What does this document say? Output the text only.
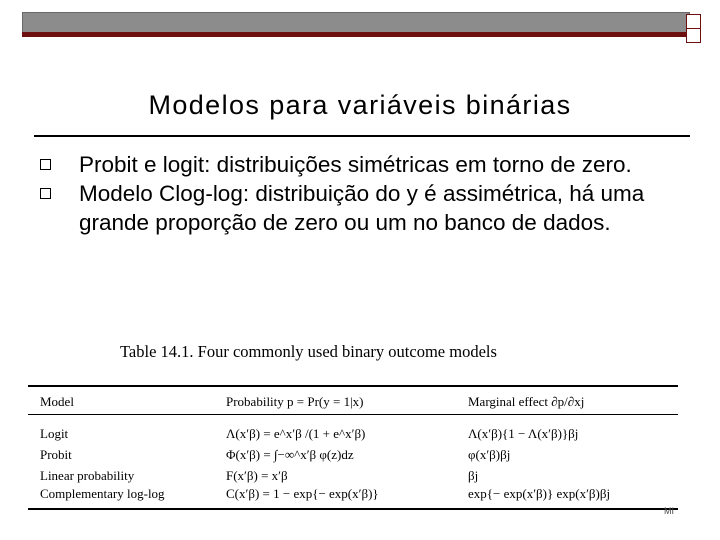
Modelos para variáveis binárias
Probit e logit: distribuições simétricas em torno de zero.
Modelo Clog-log: distribuição do y é assimétrica, há uma grande proporção de zero ou um no banco de dados.
Table 14.1. Four commonly used binary outcome models
Model	Probability p = Pr(y = 1|x)	Marginal effect ∂p/∂xj
Logit	Λ(x′β) = e^x′β /(1 + e^x′β)	Λ(x′β){1 − Λ(x′β)}βj
Probit	Φ(x′β) = ∫−∞^x′β φ(z)dz	φ(x′β)βj
Linear probability	F(x′β) = x′β	βj
Complementary log-log	C(x′β) = 1 − exp{− exp(x′β)}	exp{− exp(x′β)} exp(x′β)βj
MI
